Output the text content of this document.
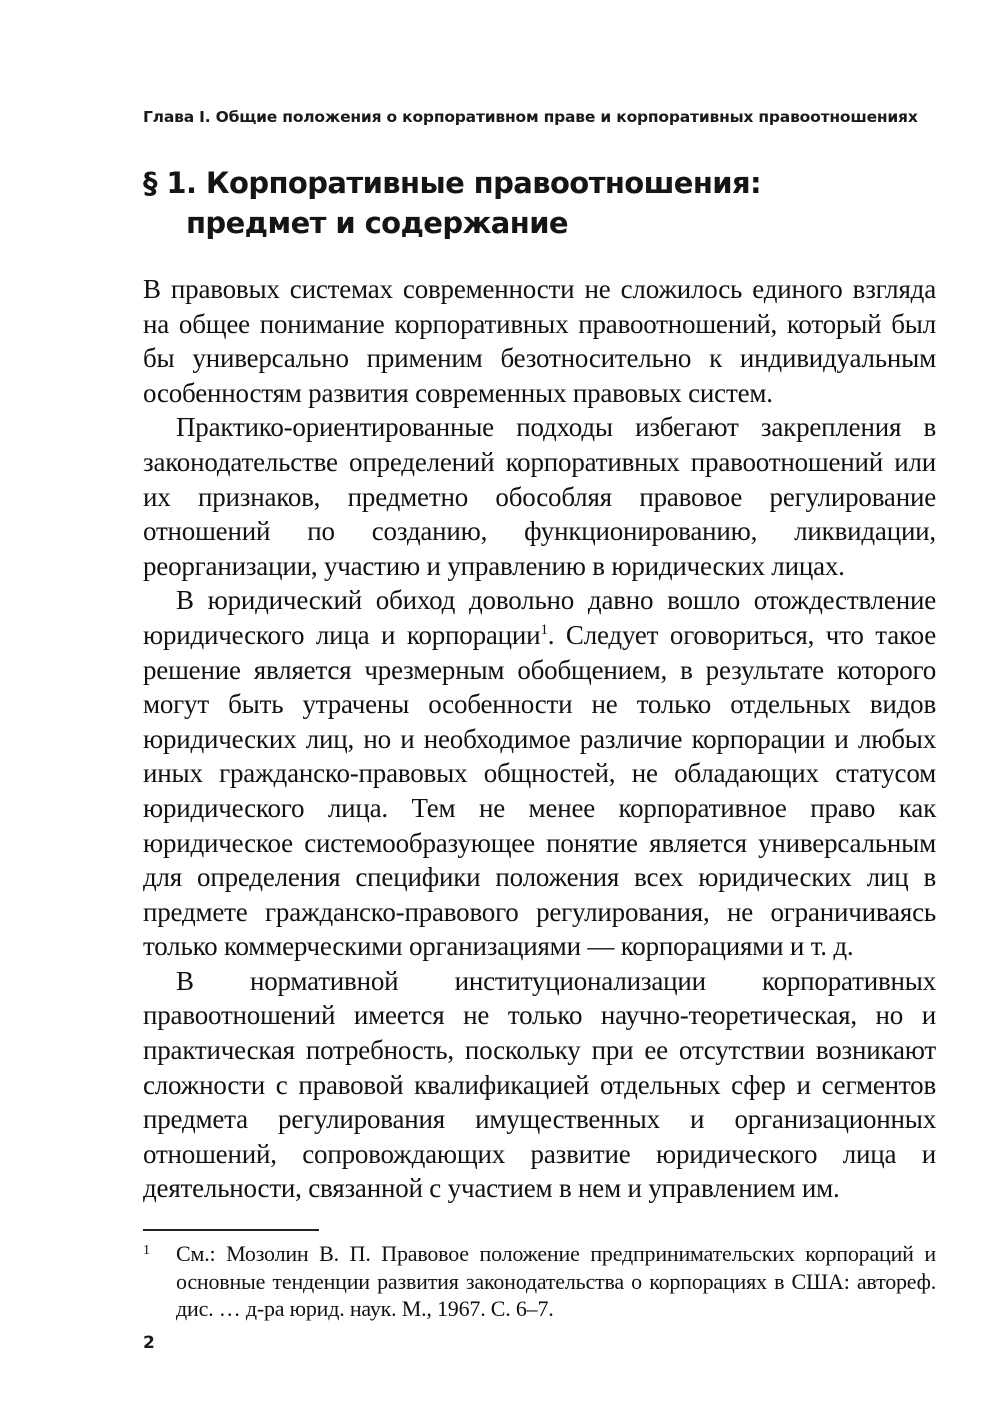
Глава I. Общие положения о корпоративном праве и корпоративных правоотношениях
§ 1. Корпоративные правоотношения:
предмет и содержание

В правовых системах современности не сложилось единого взгляда на общее понимание корпоративных правоотношений, который был бы универсально применим безотносительно к индивидуальным особенностям развития современных правовых систем.

Практико-ориентированные подходы избегают закрепления в законодательстве определений корпоративных правоотношений или их признаков, предметно обособляя правовое регулирование отношений по созданию, функционированию, ликвидации, реорганизации, участию и управлению в юридических лицах.

В юридический обиход довольно давно вошло отождествление юридического лица и корпорации$^1$. Следует оговориться, что такое решение является чрезмерным обобщением, в результате которого могут быть утрачены особенности не только отдельных видов юридических лиц, но и необходимое различие корпорации и любых иных гражданско-правовых общностей, не обладающих статусом юридического лица. Тем не менее корпоративное право как юридическое системообразующее понятие является универсальным для определения специфики положения всех юридических лиц в предмете гражданско-правового регулирования, не ограничиваясь только коммерческими организациями — корпорациями и т. д.

В нормативной институционализации корпоративных правоотношений имеется не только научно-теоретическая, но и практическая потребность, поскольку при ее отсутствии возникают сложности с правовой квалификацией отдельных сфер и сегментов предмета регулирования имущественных и организационных отношений, сопровождающих развитие юридического лица и деятельности, связанной с участием в нем и управлением им.

1	См.: Мозолин В. П. Правовое положение предпринимательских корпораций и основные тенденции развития законодательства о корпорациях в США: автореф. дис. … д-ра юрид. наук. М., 1967. С. 6–7.
2
